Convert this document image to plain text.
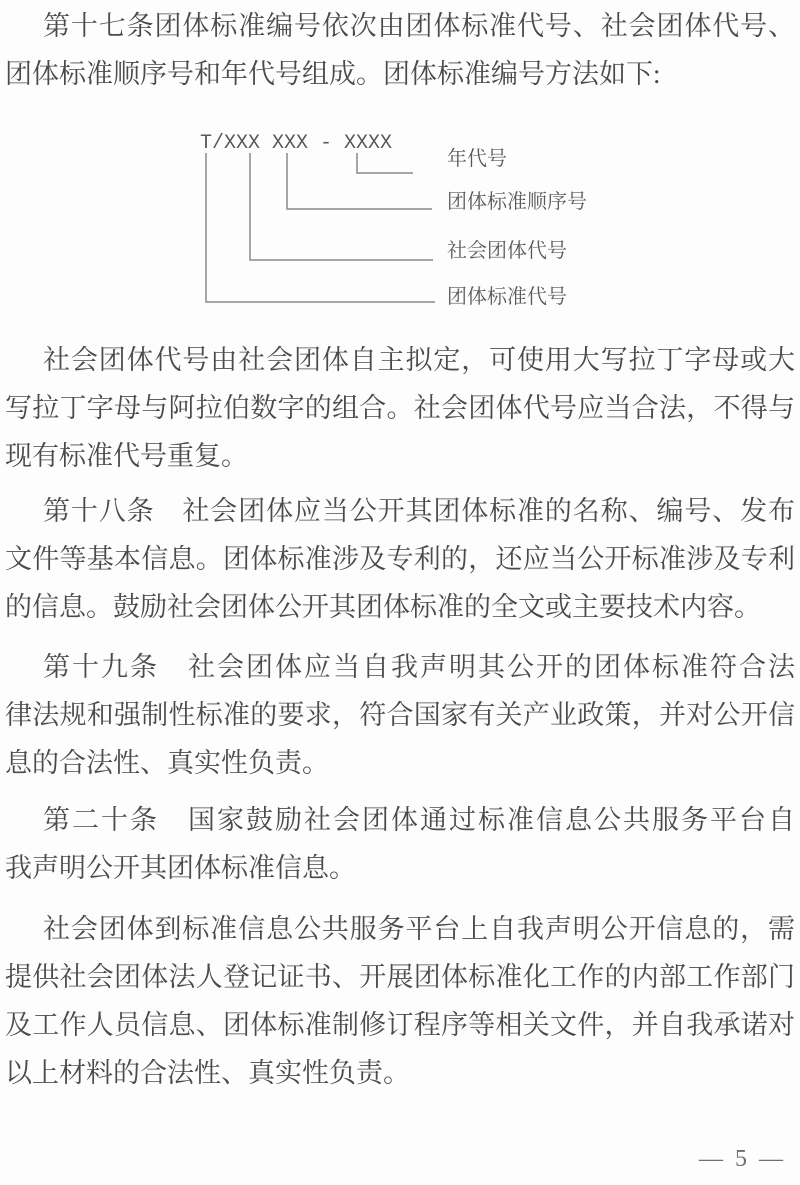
第十七条团体标准编号依次由团体标准代号、社会团体代号、
团体标准顺序号和年代号组成。团体标准编号方法如下:
T/XXX XXX - XXXX
年代号
团体标准顺序号
社会团体代号
团体标准代号
社会团体代号由社会团体自主拟定，可使用大写拉丁字母或大
写拉丁字母与阿拉伯数字的组合。社会团体代号应当合法，不得与
现有标准代号重复。
第十八条　社会团体应当公开其团体标准的名称、编号、发布
文件等基本信息。团体标准涉及专利的，还应当公开标准涉及专利
的信息。鼓励社会团体公开其团体标准的全文或主要技术内容。
第十九条　社会团体应当自我声明其公开的团体标准符合法
律法规和强制性标准的要求，符合国家有关产业政策，并对公开信
息的合法性、真实性负责。
第二十条　国家鼓励社会团体通过标准信息公共服务平台自
我声明公开其团体标准信息。
社会团体到标准信息公共服务平台上自我声明公开信息的，需
提供社会团体法人登记证书、开展团体标准化工作的内部工作部门
及工作人员信息、团体标准制修订程序等相关文件，并自我承诺对
以上材料的合法性、真实性负责。
— 5 —
